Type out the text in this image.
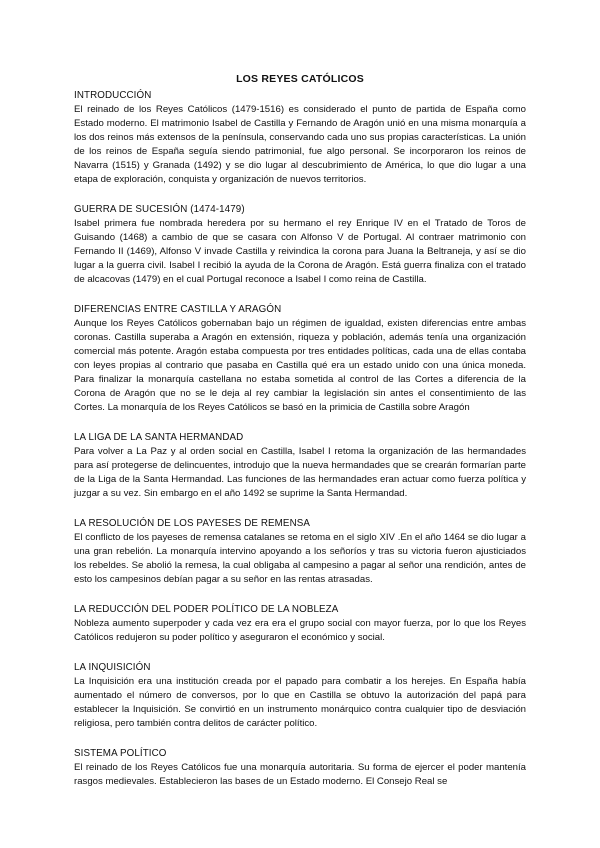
LOS REYES CATÓLICOS
INTRODUCCIÓN

El reinado de los Reyes Católicos (1479-1516) es considerado el punto de partida de España como Estado moderno. El matrimonio Isabel de Castilla y Fernando de Aragón unió en una misma monarquía a los dos reinos más extensos de la península, conservando cada uno sus propias características. La unión de los reinos de España seguía siendo patrimonial, fue algo personal. Se incorporaron los reinos de Navarra (1515) y Granada (1492) y se dio lugar al descubrimiento de América, lo que dio lugar a una etapa de exploración, conquista y organización de nuevos territorios.

GUERRA DE SUCESIÓN (1474-1479)

Isabel primera fue nombrada heredera por su hermano el rey Enrique IV en el Tratado de Toros de Guisando (1468) a cambio de que se casara con Alfonso V de Portugal. Al contraer matrimonio con Fernando II (1469), Alfonso V invade Castilla y reivindica la corona para Juana la Beltraneja, y así se dio lugar a la guerra civil. Isabel I recibió la ayuda de la Corona de Aragón. Está guerra finaliza con el tratado de alcacovas (1479) en el cual Portugal reconoce a Isabel I como reina de Castilla.

DIFERENCIAS ENTRE CASTILLA Y ARAGÓN

Aunque los Reyes Católicos gobernaban bajo un régimen de igualdad, existen diferencias entre ambas coronas. Castilla superaba a Aragón en extensión, riqueza y población, además tenía una organización comercial más potente. Aragón estaba compuesta por tres entidades políticas, cada una de ellas contaba con leyes propias al contrario que pasaba en Castilla qué era un estado unido con una única moneda. Para finalizar la monarquía castellana no estaba sometida al control de las Cortes a diferencia de la Corona de Aragón que no se le deja al rey cambiar la legislación sin antes el consentimiento de las Cortes. La monarquía de los Reyes Católicos se basó en la primicia de Castilla sobre Aragón

LA LIGA DE LA SANTA HERMANDAD

Para volver a La Paz y al orden social en Castilla, Isabel I retoma la organización de las hermandades para así protegerse de delincuentes, introdujo que la nueva hermandades que se crearán formarían parte de la Liga de la Santa Hermandad. Las funciones de las hermandades eran actuar como fuerza política y juzgar a su vez. Sin embargo en el año 1492 se suprime la Santa Hermandad.

LA RESOLUCIÓN DE LOS PAYESES DE REMENSA

El conflicto de los payeses de remensa catalanes se retoma en el siglo XIV .En el año 1464 se dio lugar a una gran rebelión. La monarquía intervino apoyando a los señoríos y tras su victoria fueron ajusticiados los rebeldes. Se abolió la remesa, la cual obligaba al campesino a pagar al señor una rendición, antes de esto los campesinos debían pagar a su señor en las rentas atrasadas.

LA REDUCCIÓN DEL PODER POLÍTICO DE LA NOBLEZA

Nobleza aumento superpoder y cada vez era era el grupo social con mayor fuerza, por lo que los Reyes Católicos redujeron su poder político y aseguraron el económico y social.

LA INQUISICIÓN

La Inquisición era una institución creada por el papado para combatir a los herejes. En España había aumentado el número de conversos, por lo que en Castilla se obtuvo la autorización del papá para establecer la Inquisición. Se convirtió en un instrumento monárquico contra cualquier tipo de desviación religiosa, pero también contra delitos de carácter político.

SISTEMA POLÍTICO

El reinado de los Reyes Católicos fue una monarquía autoritaria. Su forma de ejercer el poder mantenía rasgos medievales. Establecieron las bases de un Estado moderno. El Consejo Real se
